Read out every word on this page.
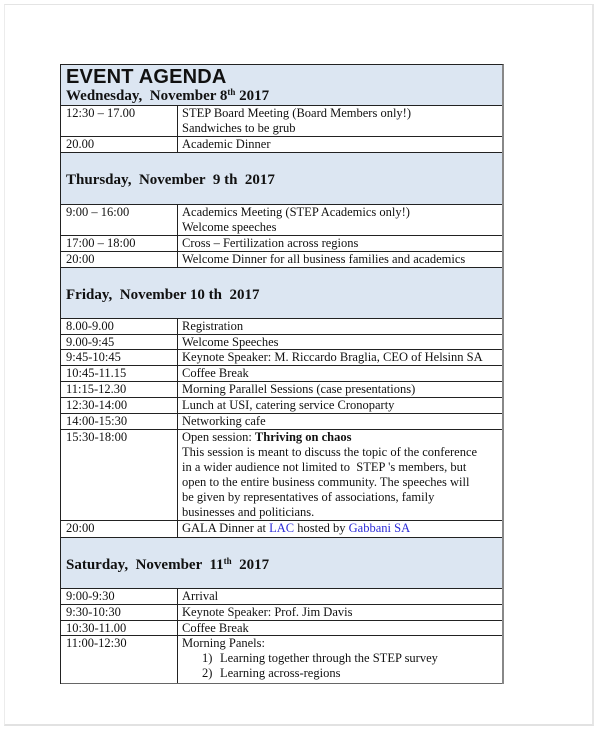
EVENT AGENDA
Wednesday,  November 8th 2017
12:30 – 17.00	STEP Board Meeting (Board Members only!)
Sandwiches to be grub
20.00	Academic Dinner
Thursday,  November  9 th  2017
9:00 – 16:00	Academics Meeting (STEP Academics only!)
Welcome speeches
17:00 – 18:00	Cross – Fertilization across regions
20:00	Welcome Dinner for all business families and academics
Friday,  November 10 th  2017
8.00-9.00	Registration
9.00-9:45	Welcome Speeches
9:45-10:45	Keynote Speaker: M. Riccardo Braglia, CEO of Helsinn SA
10:45-11.15	Coffee Break
11:15-12.30	Morning Parallel Sessions (case presentations)
12:30-14:00	Lunch at USI, catering service Cronoparty
14:00-15:30	Networking cafe
15:30-18:00	Open session: Thriving on chaos
This session is meant to discuss the topic of the conference
in a wider audience not limited to  STEP 's members, but
open to the entire business community. The speeches will
be given by representatives of associations, family
businesses and politicians.
20:00	GALA Dinner at LAC hosted by Gabbani SA
Saturday,  November  11th  2017
9:00-9:30	Arrival
9:30-10:30	Keynote Speaker: Prof. Jim Davis
10:30-11.00	Coffee Break
11:00-12:30	Morning Panels:
1) Learning together through the STEP survey
2) Learning across-regions
